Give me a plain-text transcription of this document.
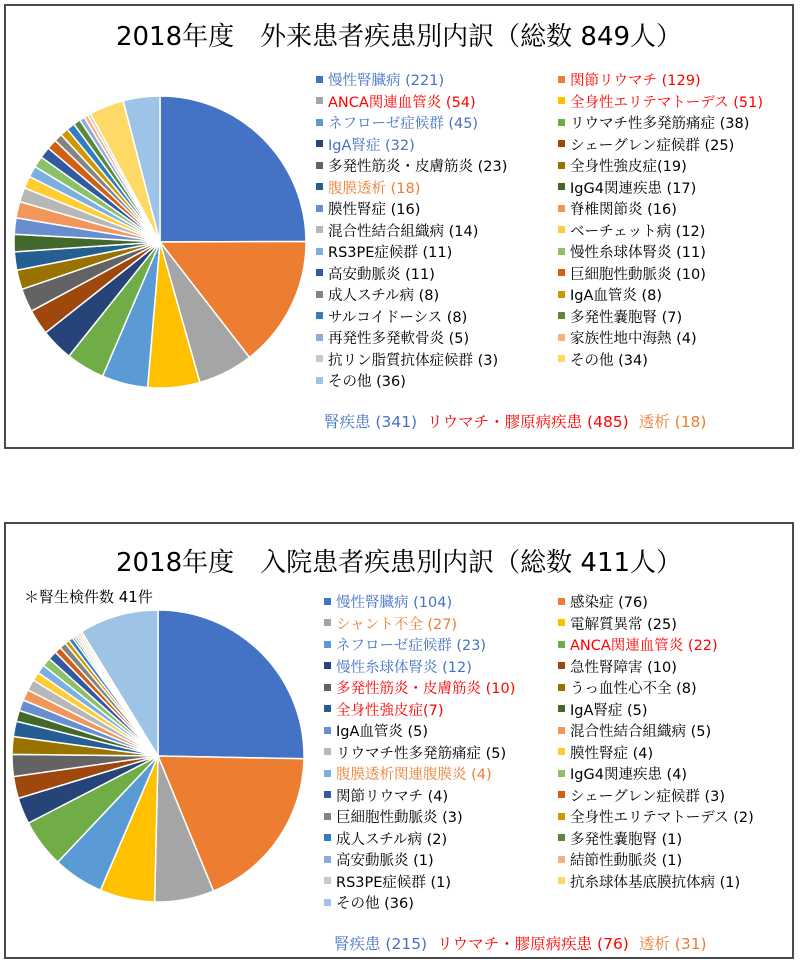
2018年度　外来患者疾患別内訳（総数 849人）
慢性腎臓病 (221)
ANCA関連血管炎 (54)
ネフローゼ症候群 (45)
IgA腎症 (32)
多発性筋炎・皮膚筋炎 (23)
腹膜透析 (18)
膜性腎症 (16)
混合性結合組織病 (14)
RS3PE症候群 (11)
高安動脈炎 (11)
成人スチル病 (8)
サルコイドーシス (8)
再発性多発軟骨炎 (5)
抗リン脂質抗体症候群 (3)
その他 (36)
関節リウマチ (129)
全身性エリテマトーデス (51)
リウマチ性多発筋痛症 (38)
シェーグレン症候群 (25)
全身性強皮症(19)
IgG4関連疾患 (17)
脊椎関節炎 (16)
ベーチェット病 (12)
慢性糸球体腎炎 (11)
巨細胞性動脈炎 (10)
IgA血管炎 (8)
多発性嚢胞腎 (7)
家族性地中海熱 (4)
その他 (34)
腎疾患 (341) リウマチ・膠原病疾患 (485) 透析 (18)
2018年度　入院患者疾患別内訳（総数 411人）
＊腎生検件数 41件	慢性腎臓病 (104)
シャント不全 (27)
ネフローゼ症候群 (23)
慢性糸球体腎炎 (12)
多発性筋炎・皮膚筋炎 (10)
全身性強皮症(7)
IgA血管炎 (5)
リウマチ性多発筋痛症 (5)
腹膜透析関連腹膜炎 (4)
関節リウマチ (4)
巨細胞性動脈炎 (3)
成人スチル病 (2)
高安動脈炎 (1)
RS3PE症候群 (1)
その他 (36)
感染症 (76)
電解質異常 (25)
ANCA関連血管炎 (22)
急性腎障害 (10)
うっ血性心不全 (8)
IgA腎症 (5)
混合性結合組織病 (5)
膜性腎症 (4)
IgG4関連疾患 (4)
シェーグレン症候群 (3)
全身性エリテマトーデス (2)
多発性嚢胞腎 (1)
結節性動脈炎 (1)
抗糸球体基底膜抗体病 (1)
腎疾患 (215) リウマチ・膠原病疾患 (76) 透析 (31)
